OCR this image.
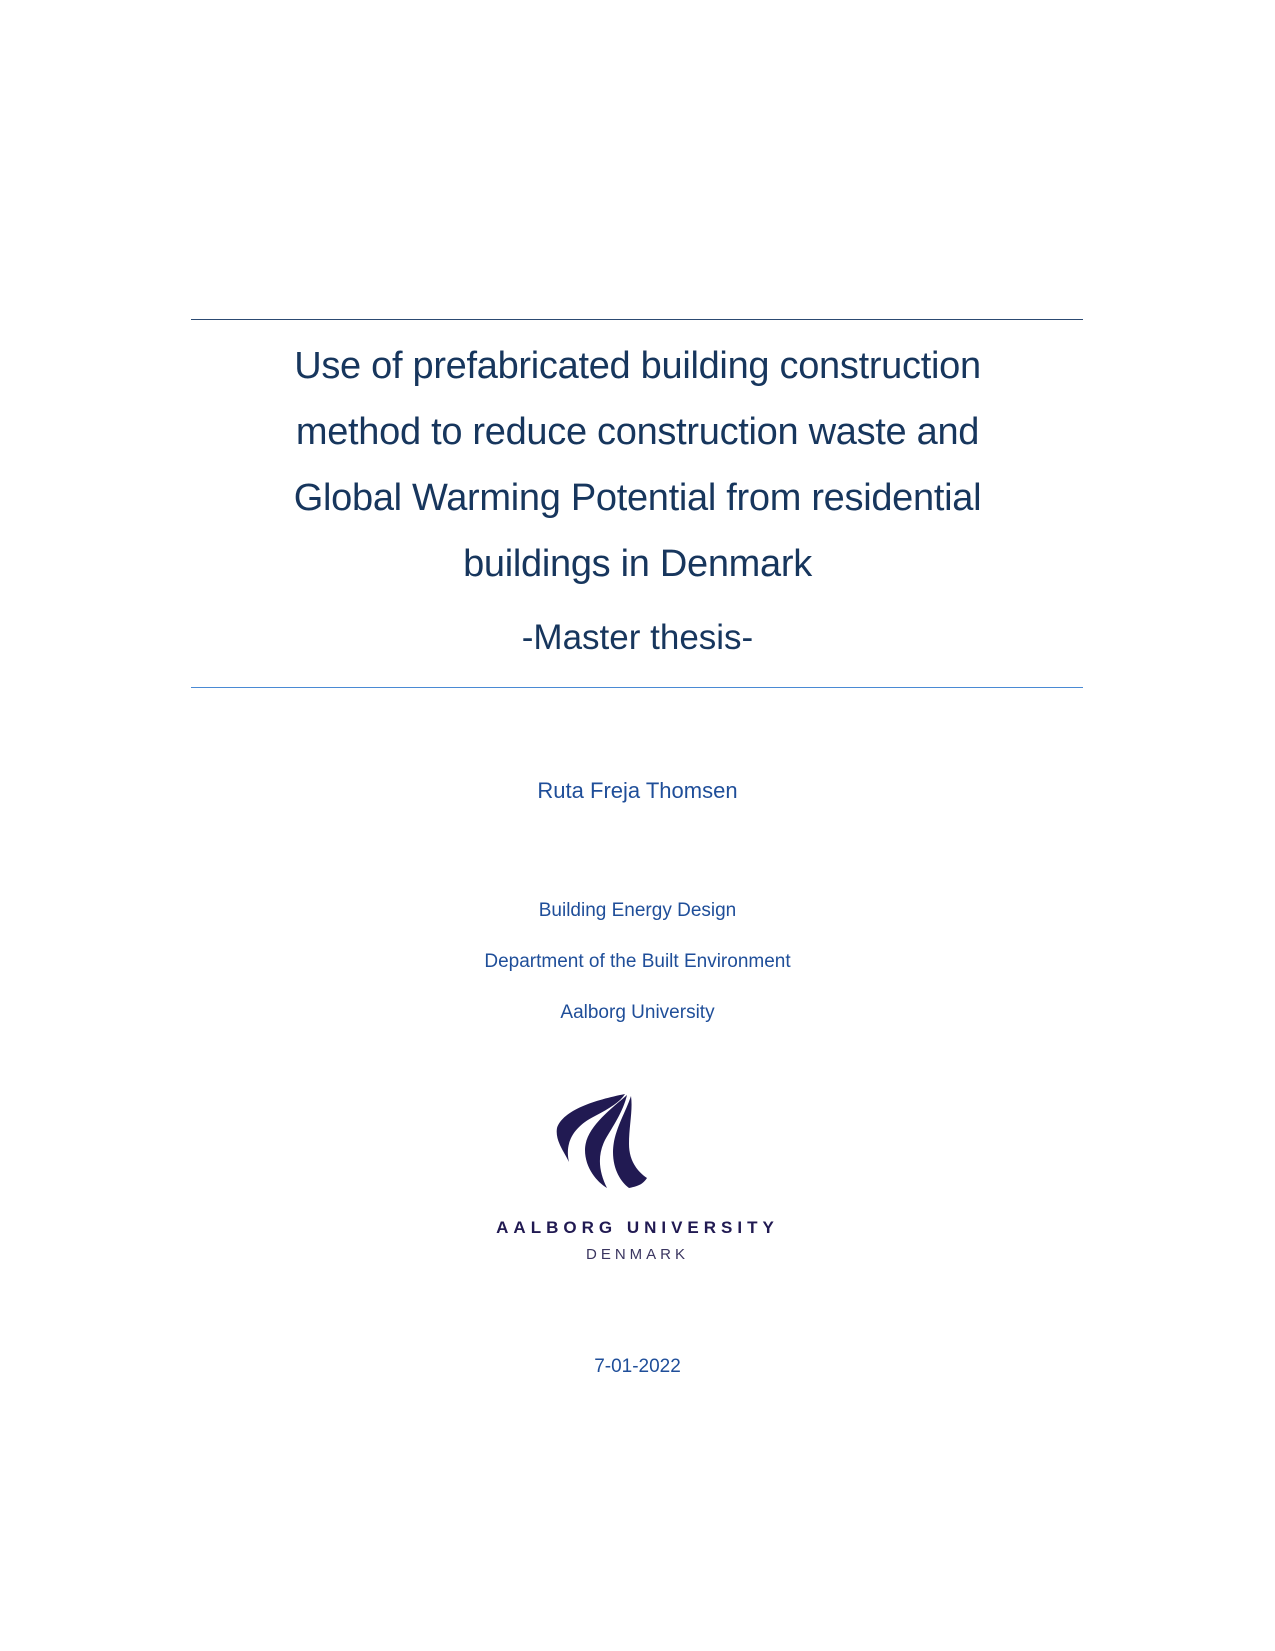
Use of prefabricated building construction
method to reduce construction waste and
Global Warming Potential from residential
buildings in Denmark
-Master thesis-
Ruta Freja Thomsen
Building Energy Design
Department of the Built Environment
Aalborg University
AALBORG UNIVERSITY
DENMARK
7-01-2022
